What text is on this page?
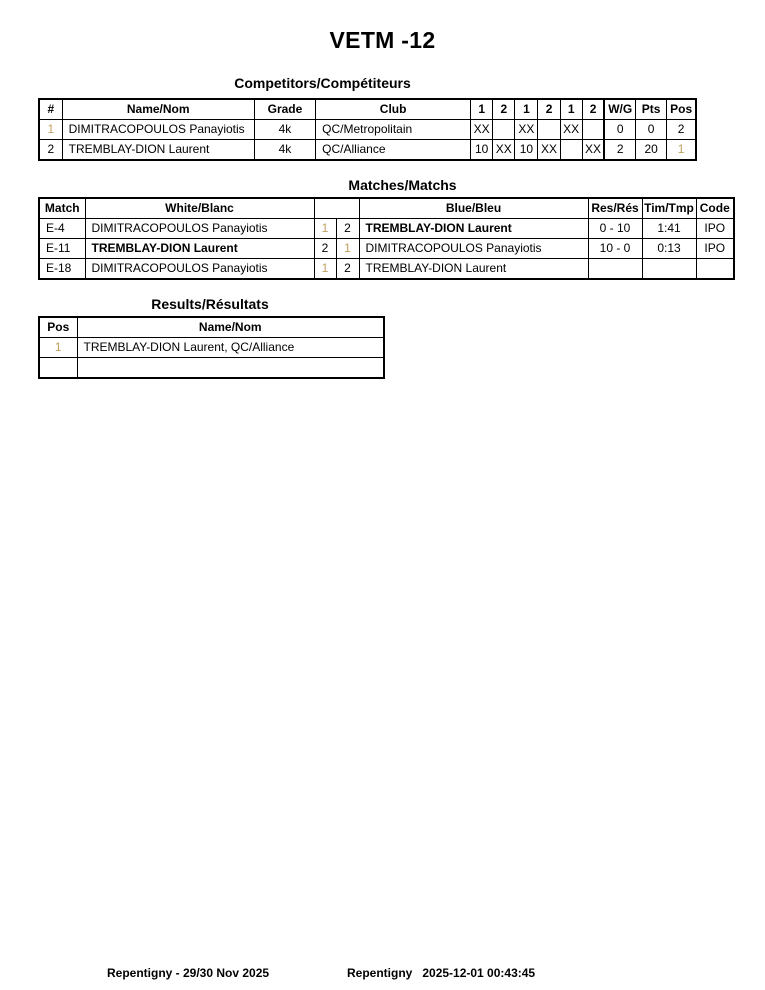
VETM -12
Competitors/Compétiteurs
#	Name/Nom	Grade	Club	1	2	1	2	1	2	W/G	Pts	Pos
1	DIMITRACOPOULOS Panayiotis	4k	QC/Metropolitain	XX		XX		XX		0	0	2
2	TREMBLAY-DION Laurent	4k	QC/Alliance	10	XX	10	XX		XX	2	20	1
Matches/Matchs
Match	White/Blanc			Blue/Bleu	Res/Rés	Tim/Tmp	Code
E-4	DIMITRACOPOULOS Panayiotis	1	2	TREMBLAY-DION Laurent	0 - 10	1:41	IPO
E-11	TREMBLAY-DION Laurent	2	1	DIMITRACOPOULOS Panayiotis	10 - 0	0:13	IPO
E-18	DIMITRACOPOULOS Panayiotis	1	2	TREMBLAY-DION Laurent			
Results/Résultats
Pos	Name/Nom
1	TREMBLAY-DION Laurent, QC/Alliance

Repentigny - 29/30 Nov 2025	Repentigny   2025-12-01 00:43:45
